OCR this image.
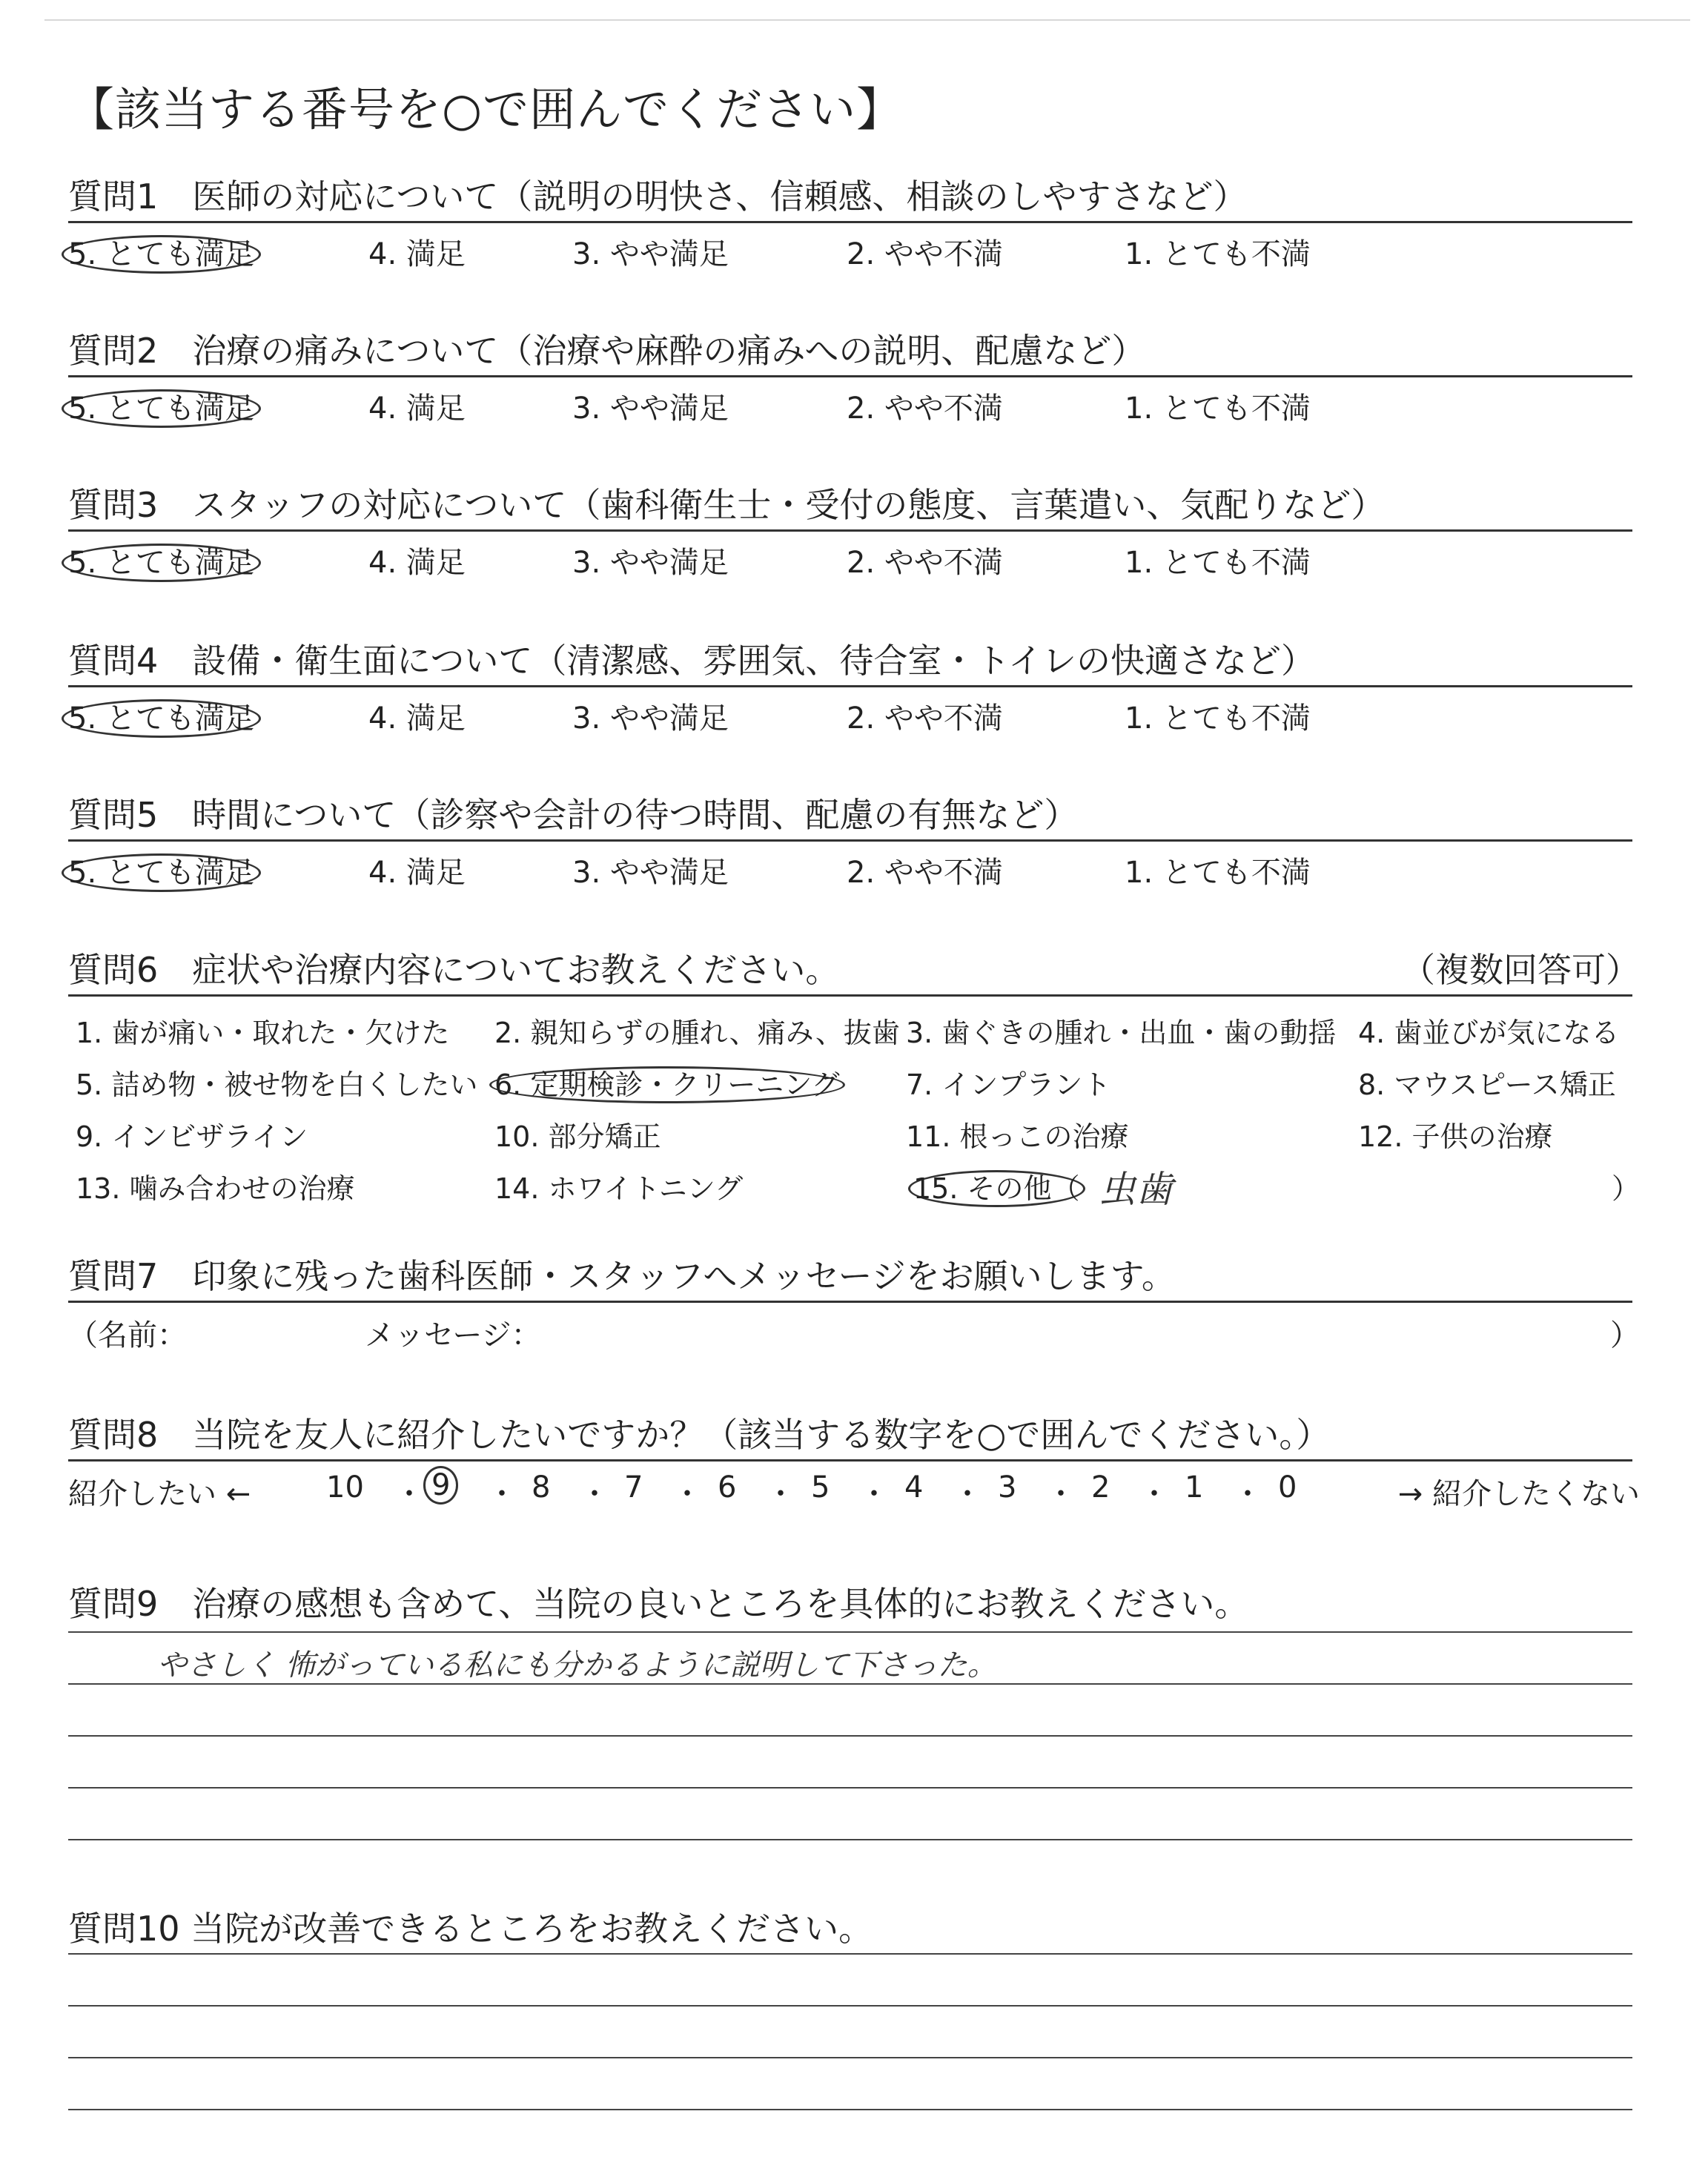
【該当する番号を○で囲んでください】
質問1　医師の対応について（説明の明快さ、信頼感、相談のしやすさなど）
5. とても満足	4. 満足	3. やや満足	2. やや不満	1. とても不満
質問2　治療の痛みについて（治療や麻酔の痛みへの説明、配慮など）
5. とても満足	4. 満足	3. やや満足	2. やや不満	1. とても不満
質問3　スタッフの対応について（歯科衛生士・受付の態度、言葉遣い、気配りなど）
5. とても満足	4. 満足	3. やや満足	2. やや不満	1. とても不満
質問4　設備・衛生面について（清潔感、雰囲気、待合室・トイレの快適さなど）
5. とても満足	4. 満足	3. やや満足	2. やや不満	1. とても不満
質問5　時間について（診察や会計の待つ時間、配慮の有無など）
5. とても満足	4. 満足	3. やや満足	2. やや不満	1. とても不満
質問6　症状や治療内容についてお教えください。	（複数回答可）
1. 歯が痛い・取れた・欠けた 2. 親知らずの腫れ、痛み、抜歯 3. 歯ぐきの腫れ・出血・歯の動揺 4. 歯並びが気になる
5. 詰め物・被せ物を白くしたい 6. 定期検診・クリーニング 7. インプラント	8. マウスピース矯正
9. インビザライン	10. 部分矯正	11. 根っこの治療	12. 子供の治療
13. 噛み合わせの治療	14. ホワイトニング	15. その他（ 虫歯	）
質問7　印象に残った歯科医師・スタッフへメッセージをお願いします。
（名前：	メッセージ：	）
質問8　当院を友人に紹介したいですか？（該当する数字を○で囲んでください。）
紹介したい ←	10 ・ 9 ・ 8 ・ 7 ・ 6 ・ 5 ・ 4 ・ 3 ・ 2 ・ 1 ・ 0	→ 紹介したくない
質問9　治療の感想も含めて、当院の良いところを具体的にお教えください。
やさしく 怖がっている私にも分かるように説明して下さった。
質問10 当院が改善できるところをお教えください。
